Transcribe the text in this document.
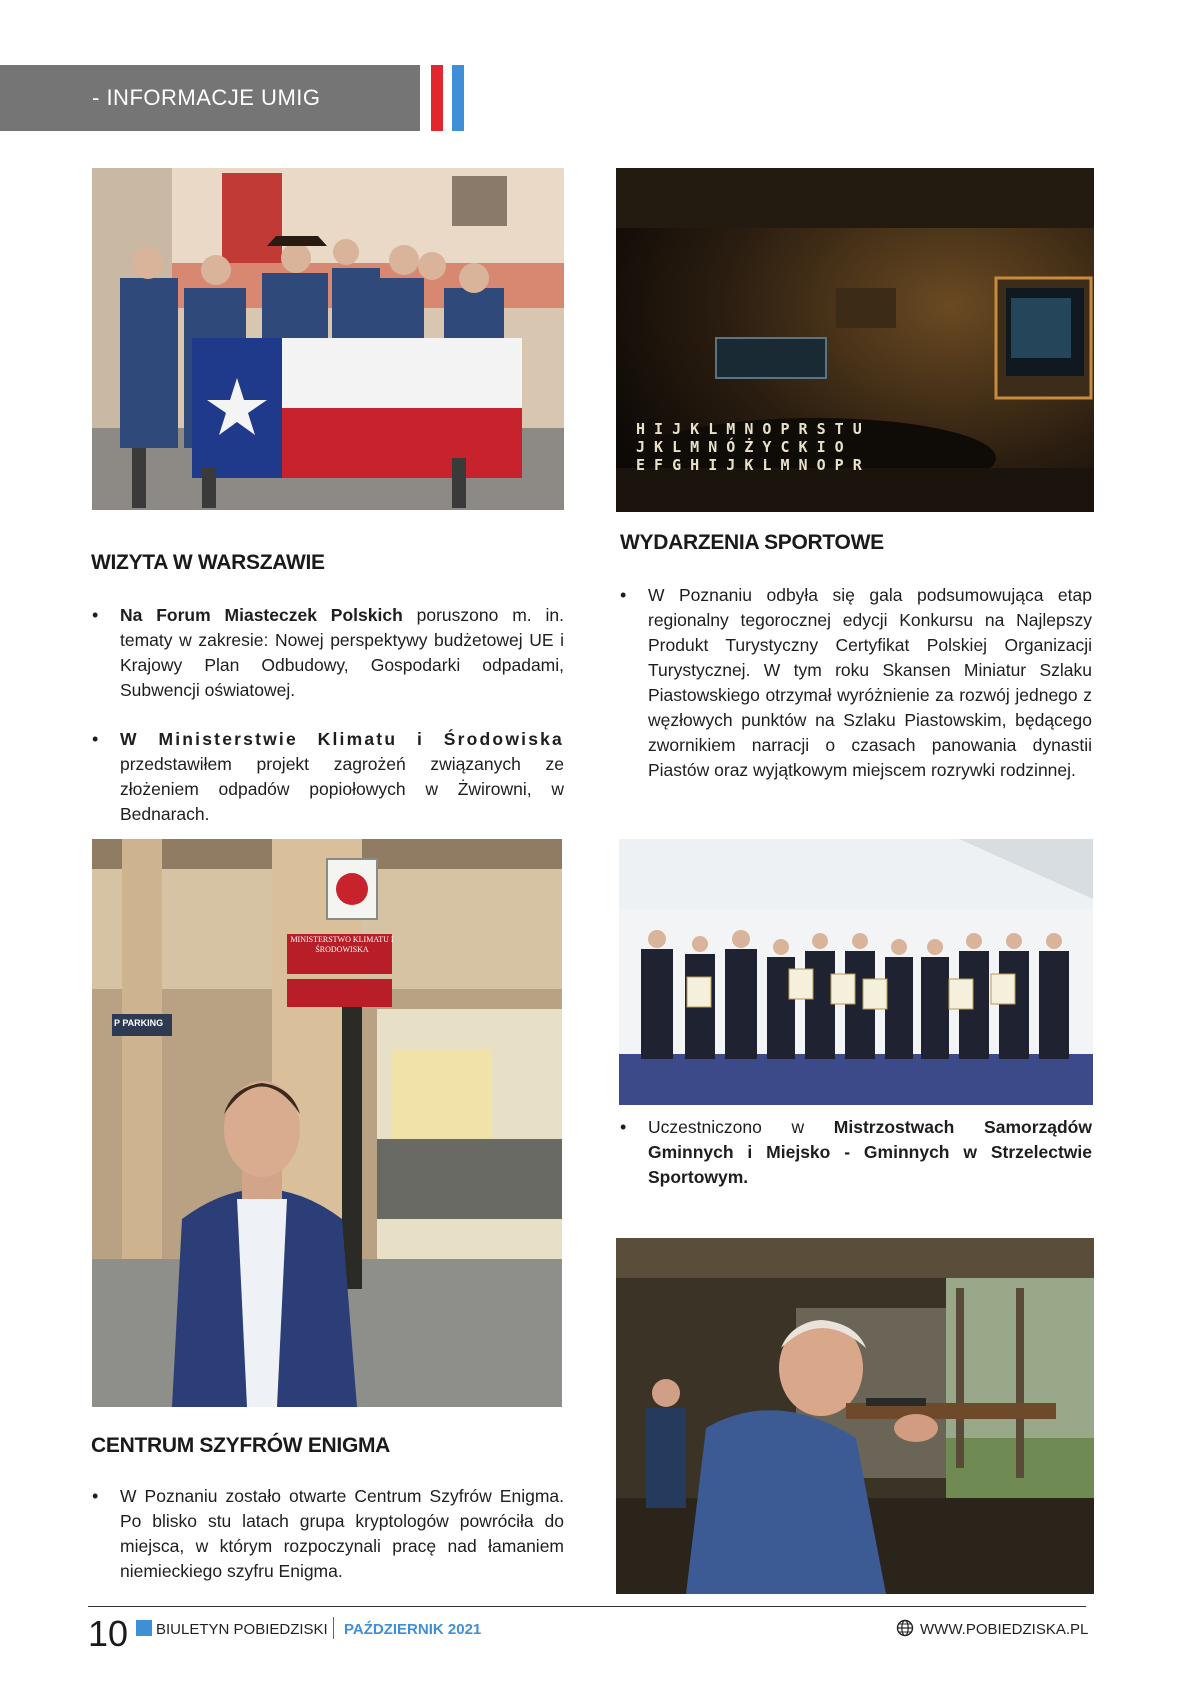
- INFORMACJE UMIG
H I J K L M N O P R S T U
J K L M N Ó Ż Y C K I O
E F G H I J K L M N O P R
WIZYTA W WARSZAWIE
• Na Forum Miasteczek Polskich poruszono m. in. tematy w zakresie: Nowej perspektywy budżetowej UE i Krajowy Plan Odbudowy, Gospodarki odpadami, Subwencji oświatowej.
• W Ministerstwie Klimatu i Środowiska przedstawiłem projekt zagrożeń związanych ze złożeniem odpadów popiołowych w Żwirowni, w Bednarach.
WYDARZENIA SPORTOWE
• W Poznaniu odbyła się gala podsumowująca etap regionalny tegorocznej edycji Konkursu na Najlepszy Produkt Turystyczny Certyfikat Polskiej Organizacji Turystycznej. W tym roku Skansen Miniatur Szlaku Piastowskiego otrzymał wyróżnienie za rozwój jednego z węzłowych punktów na Szlaku Piastowskim, będącego zwornikiem narracji o czasach panowania dynastii Piastów oraz wyjątkowym miejscem rozrywki rodzinnej.
MINISTERSTWO KLIMATU I ŚRODOWISKA
P PARKING
• Uczestniczono w Mistrzostwach Samorządów Gminnych i Miejsko - Gminnych w Strzelectwie Sportowym.
CENTRUM SZYFRÓW ENIGMA
• W Poznaniu zostało otwarte Centrum Szyfrów Enigma. Po blisko stu latach grupa kryptologów powróciła do miejsca, w którym rozpoczynali pracę nad łamaniem niemieckiego szyfru Enigma.
10 BIULETYN POBIEDZISKI PAŹDZIERNIK 2021	WWW.POBIEDZISKA.PL
